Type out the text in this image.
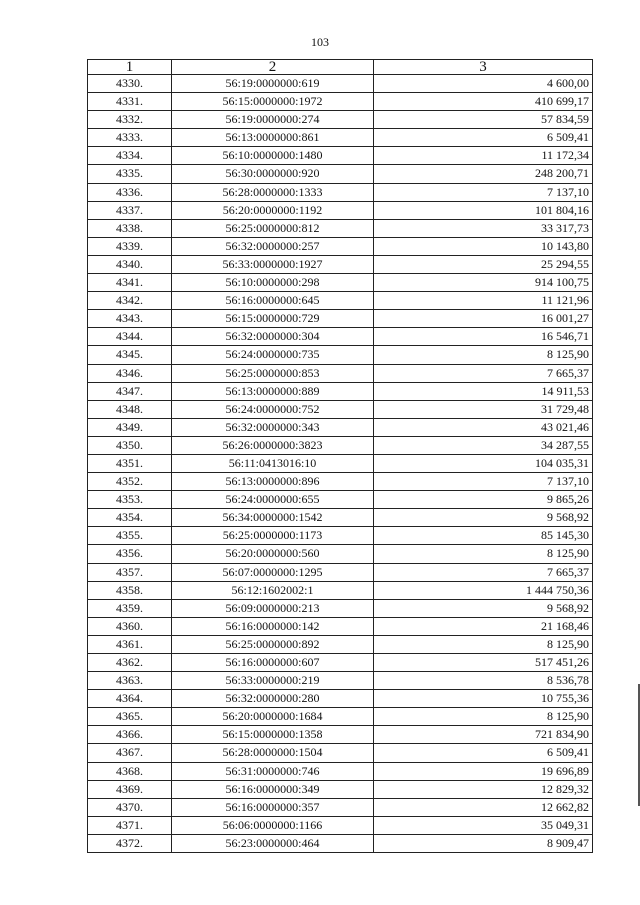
103
1	2	3
4330.	56:19:0000000:619	4 600,00
4331.	56:15:0000000:1972	410 699,17
4332.	56:19:0000000:274	57 834,59
4333.	56:13:0000000:861	6 509,41
4334.	56:10:0000000:1480	11 172,34
4335.	56:30:0000000:920	248 200,71
4336.	56:28:0000000:1333	7 137,10
4337.	56:20:0000000:1192	101 804,16
4338.	56:25:0000000:812	33 317,73
4339.	56:32:0000000:257	10 143,80
4340.	56:33:0000000:1927	25 294,55
4341.	56:10:0000000:298	914 100,75
4342.	56:16:0000000:645	11 121,96
4343.	56:15:0000000:729	16 001,27
4344.	56:32:0000000:304	16 546,71
4345.	56:24:0000000:735	8 125,90
4346.	56:25:0000000:853	7 665,37
4347.	56:13:0000000:889	14 911,53
4348.	56:24:0000000:752	31 729,48
4349.	56:32:0000000:343	43 021,46
4350.	56:26:0000000:3823	34 287,55
4351.	56:11:0413016:10	104 035,31
4352.	56:13:0000000:896	7 137,10
4353.	56:24:0000000:655	9 865,26
4354.	56:34:0000000:1542	9 568,92
4355.	56:25:0000000:1173	85 145,30
4356.	56:20:0000000:560	8 125,90
4357.	56:07:0000000:1295	7 665,37
4358.	56:12:1602002:1	1 444 750,36
4359.	56:09:0000000:213	9 568,92
4360.	56:16:0000000:142	21 168,46
4361.	56:25:0000000:892	8 125,90
4362.	56:16:0000000:607	517 451,26
4363.	56:33:0000000:219	8 536,78
4364.	56:32:0000000:280	10 755,36
4365.	56:20:0000000:1684	8 125,90
4366.	56:15:0000000:1358	721 834,90
4367.	56:28:0000000:1504	6 509,41
4368.	56:31:0000000:746	19 696,89
4369.	56:16:0000000:349	12 829,32
4370.	56:16:0000000:357	12 662,82
4371.	56:06:0000000:1166	35 049,31
4372.	56:23:0000000:464	8 909,47
